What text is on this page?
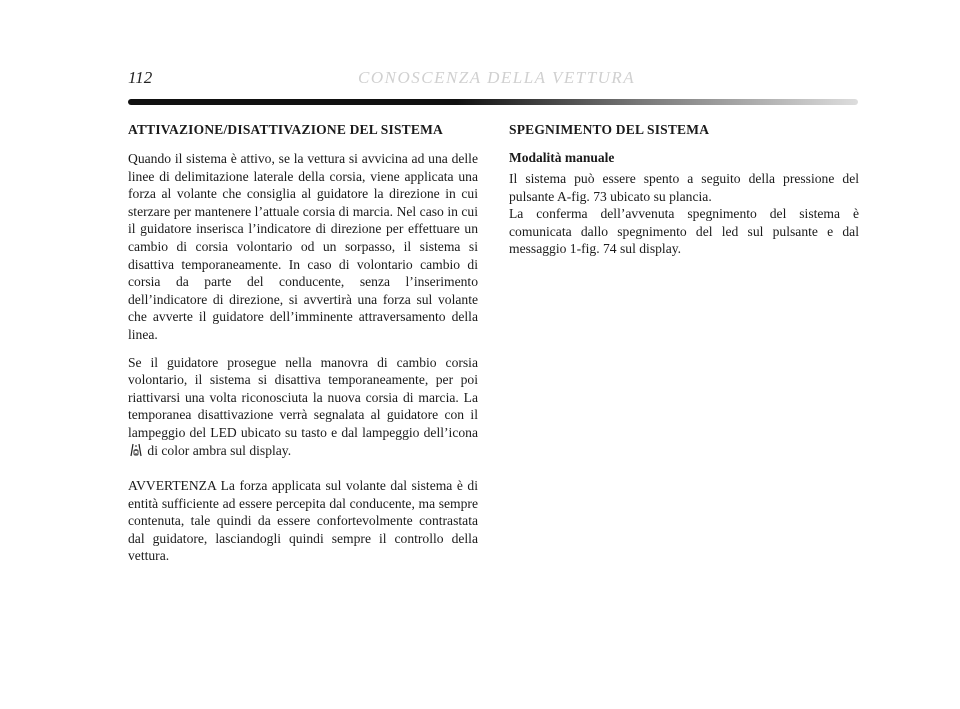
112	CONOSCENZA DELLA VETTURA
ATTIVAZIONE/DISATTIVAZIONE DEL SISTEMA

Quando il sistema è attivo, se la vettura si avvicina ad una delle linee di delimitazione laterale della corsia, viene applicata una forza al volante che consiglia al guidatore la direzione in cui sterzare per mantenere l’attuale corsia di marcia. Nel caso in cui il guidatore inserisca l’indicatore di direzione per effettuare un cambio di corsia volontario od un sorpasso, il sistema si disattiva temporaneamente. In caso di volontario cambio di corsia da parte del conducente, senza l’inserimento dell’indicatore di direzione, si avvertirà una forza sul volante che avverte il guidatore dell’imminente attraversamento della linea.

Se il guidatore prosegue nella manovra di cambio corsia volontario, il sistema si disattiva temporaneamente, per poi riattivarsi una volta riconosciuta la nuova corsia di marcia. La temporanea disattivazione verrà segnalata al guidatore con il lampeggio del LED ubicato su tasto e dal lampeggio dell’icona  di color ambra sul display.

AVVERTENZA La forza applicata sul volante dal sistema è di entità sufficiente ad essere percepita dal conducente, ma sempre contenuta, tale quindi da essere confortevolmente contrastata dal guidatore, lasciandogli quindi sempre il controllo della vettura.

SPEGNIMENTO DEL SISTEMA
Modalità manuale

Il sistema può essere spento a seguito della pressione del pulsante A-fig. 73 ubicato su plancia.

La conferma dell’avvenuta spegnimento del sistema è comunicata dallo spegnimento del led sul pulsante e dal messaggio 1-fig. 74 sul display.
